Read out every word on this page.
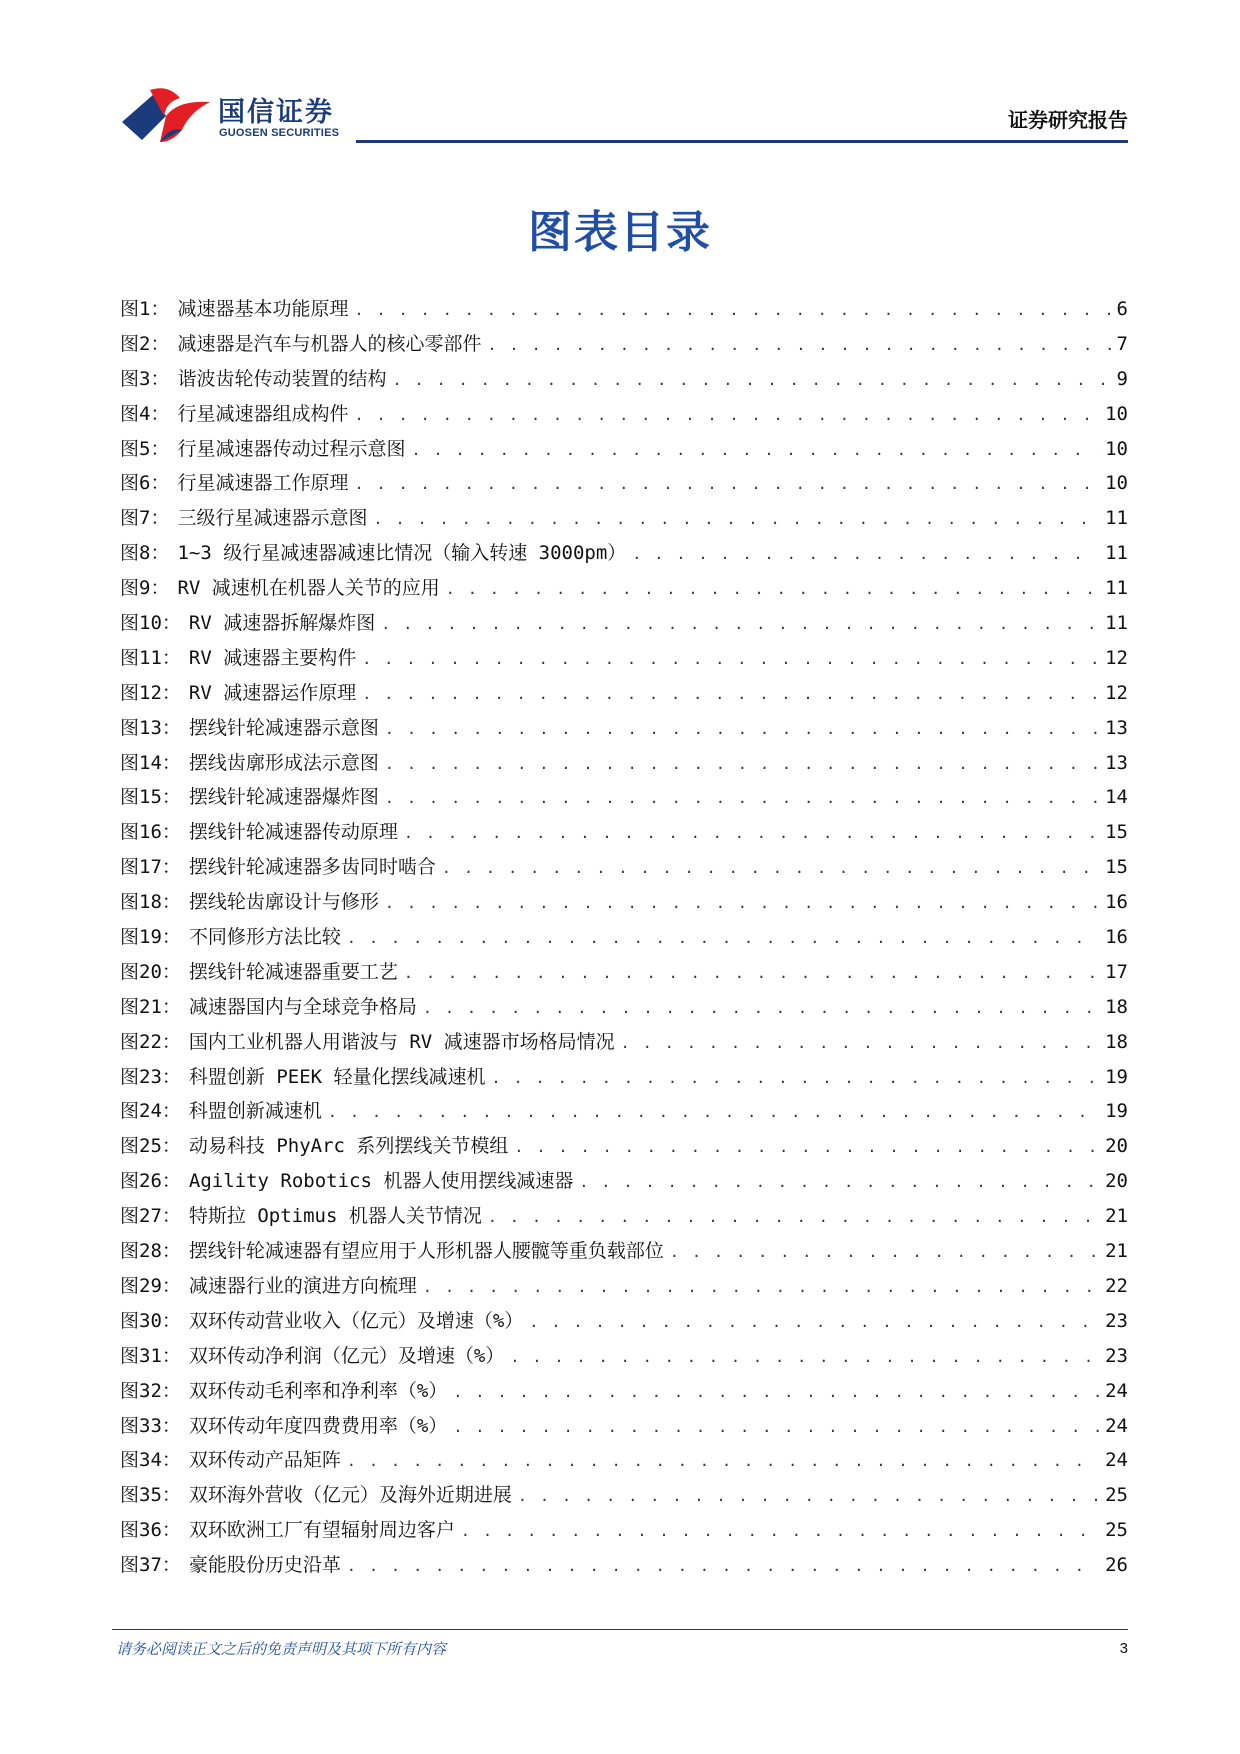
国信证券
GUOSEN SECURITIES
证券研究报告
图表目录
图1： 减速器基本功能原理 . . .	6
图2： 减速器是汽车与机器人的核心零部件 . . .	7
图3： 谐波齿轮传动装置的结构 . . .	9
图4： 行星减速器组成构件 . . .	10
图5： 行星减速器传动过程示意图 . . .	10
图6： 行星减速器工作原理 . . .	10
图7： 三级行星减速器示意图 . . .	11
图8： 1~3 级行星减速器减速比情况（输入转速 3000pm） . . .	11
图9： RV 减速机在机器人关节的应用 . . .	11
图10： RV 减速器拆解爆炸图 . . .	11
图11： RV 减速器主要构件 . . .	12
图12： RV 减速器运作原理 . . .	12
图13： 摆线针轮减速器示意图 . . .	13
图14： 摆线齿廓形成法示意图 . . .	13
图15： 摆线针轮减速器爆炸图 . . .	14
图16： 摆线针轮减速器传动原理 . . .	15
图17： 摆线针轮减速器多齿同时啮合 . . .	15
图18： 摆线轮齿廓设计与修形 . . .	16
图19： 不同修形方法比较 . . .	16
图20： 摆线针轮减速器重要工艺 . . .	17
图21： 减速器国内与全球竞争格局 . . .	18
图22： 国内工业机器人用谐波与 RV 减速器市场格局情况 . . .	18
图23： 科盟创新 PEEK 轻量化摆线减速机 . . .	19
图24： 科盟创新减速机 . . .	19
图25： 动易科技 PhyArc 系列摆线关节模组 . . .	20
图26： Agility Robotics 机器人使用摆线减速器 . . .	20
图27： 特斯拉 Optimus 机器人关节情况 . . .	21
图28： 摆线针轮减速器有望应用于人形机器人腰髋等重负载部位 . . .	21
图29： 减速器行业的演进方向梳理 . . .	22
图30： 双环传动营业收入（亿元）及增速（%） . . .	23
图31： 双环传动净利润（亿元）及增速（%） . . .	23
图32： 双环传动毛利率和净利率（%） . . .	24
图33： 双环传动年度四费费用率（%） . . .	24
图34： 双环传动产品矩阵 . . .	24
图35： 双环海外营收（亿元）及海外近期进展 . . .	25
图36： 双环欧洲工厂有望辐射周边客户 . . .	25
图37： 豪能股份历史沿革 . . .	26
请务必阅读正文之后的免责声明及其项下所有内容	3
